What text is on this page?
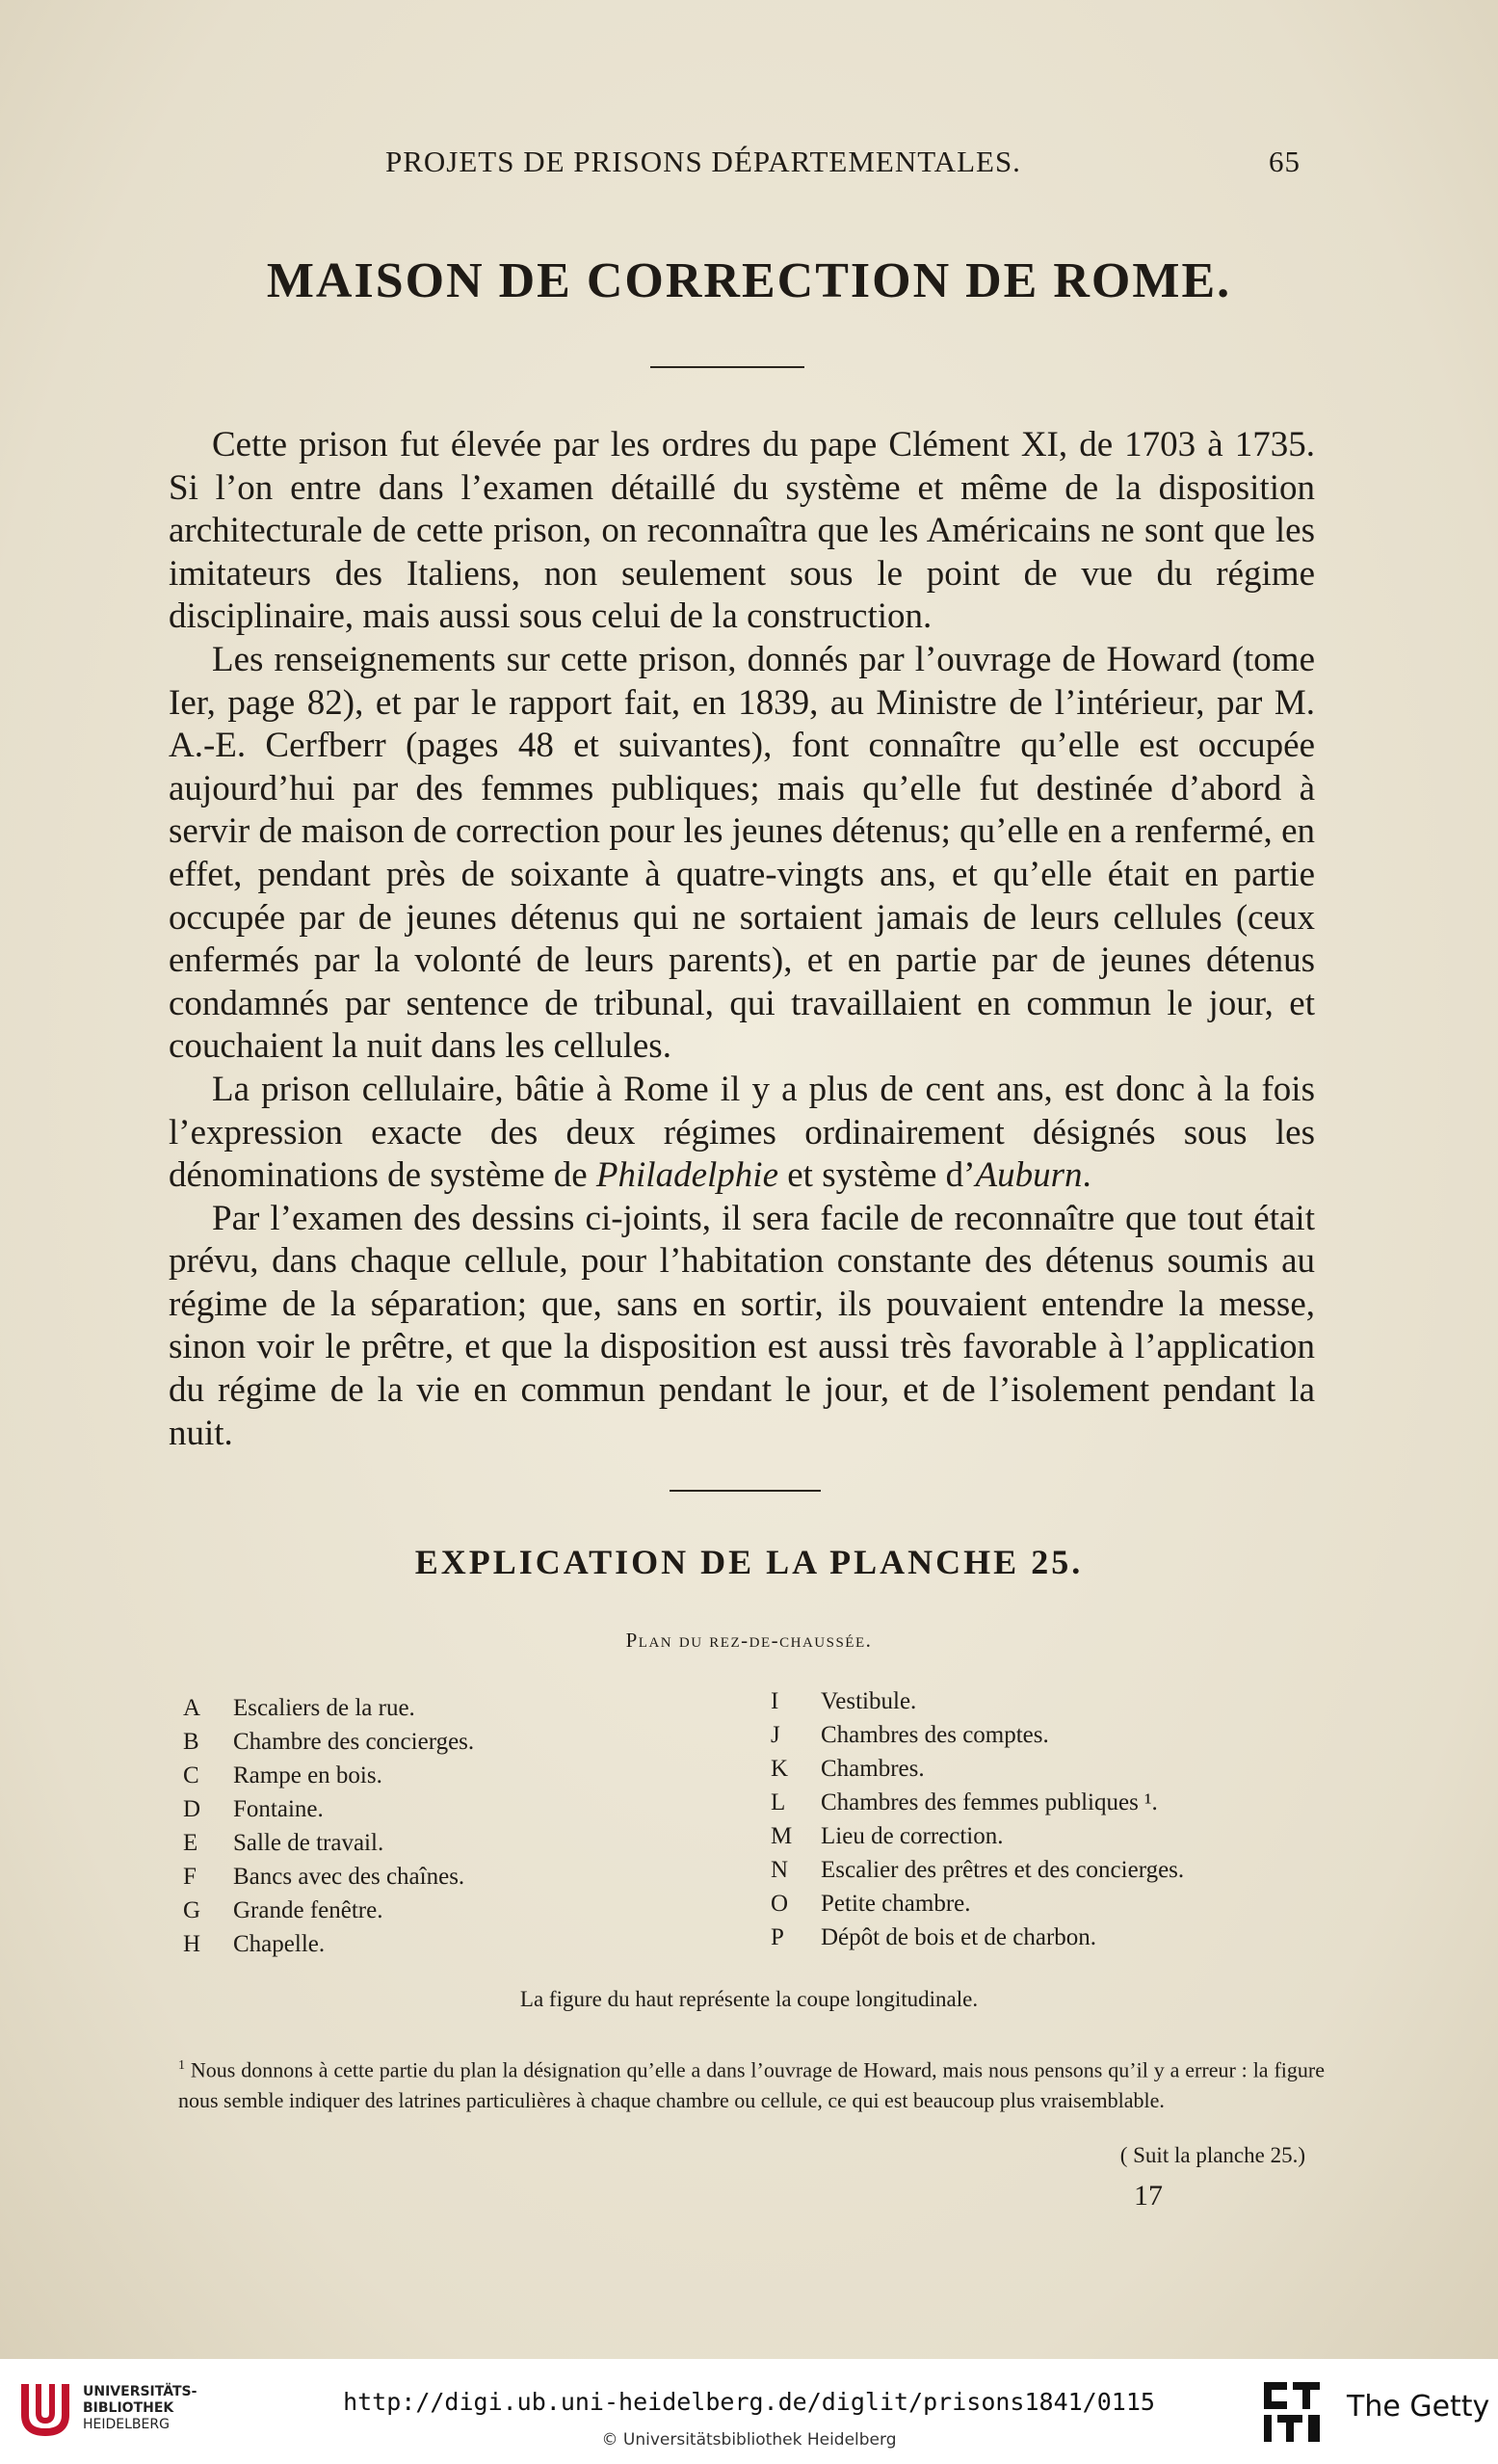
PROJETS DE PRISONS DÉPARTEMENTALES.	65
MAISON DE CORRECTION DE ROME.

Cette prison fut élevée par les ordres du pape Clément XI, de 1703 à 1735. Si l’on entre dans l’examen détaillé du système et même de la disposition architecturale de cette prison, on reconnaîtra que les Américains ne sont que les imitateurs des Italiens, non seulement sous le point de vue du régime disciplinaire, mais aussi sous celui de la construction.

Les renseignements sur cette prison, donnés par l’ouvrage de Howard (tome Ier, page 82), et par le rapport fait, en 1839, au Ministre de l’intérieur, par M. A.-E. Cerfberr (pages 48 et suivantes), font connaître qu’elle est occupée aujourd’hui par des femmes publiques; mais qu’elle fut destinée d’abord à servir de maison de correction pour les jeunes détenus; qu’elle en a renfermé, en effet, pendant près de soixante à quatre-vingts ans, et qu’elle était en partie occupée par de jeunes détenus qui ne sortaient jamais de leurs cellules (ceux enfermés par la volonté de leurs parents), et en partie par de jeunes détenus condamnés par sentence de tribunal, qui travaillaient en commun le jour, et couchaient la nuit dans les cellules.

La prison cellulaire, bâtie à Rome il y a plus de cent ans, est donc à la fois l’expression exacte des deux régimes ordinairement désignés sous les dénominations de système de Philadelphie et système d’Auburn.

Par l’examen des dessins ci-joints, il sera facile de reconnaître que tout était prévu, dans chaque cellule, pour l’habitation constante des détenus soumis au régime de la séparation; que, sans en sortir, ils pouvaient entendre la messe, sinon voir le prêtre, et que la disposition est aussi très favorable à l’application du régime de la vie en commun pendant le jour, et de l’isolement pendant la nuit.

EXPLICATION DE LA PLANCHE 25.
Plan du rez-de-chaussée.
A	Escaliers de la rue.
B	Chambre des concierges.
C	Rampe en bois.
D	Fontaine.
E	Salle de travail.
F	Bancs avec des chaînes.
G	Grande fenêtre.
H	Chapelle.
I	Vestibule.
J	Chambres des comptes.
K	Chambres.
L	Chambres des femmes publiques ¹.
M	Lieu de correction.
N	Escalier des prêtres et des concierges.
O	Petite chambre.
P	Dépôt de bois et de charbon.
La figure du haut représente la coupe longitudinale.
$^1$ Nous donnons à cette partie du plan la désignation qu’elle a dans l’ouvrage de Howard, mais nous pensons qu’il y a erreur : la figure nous semble indiquer des latrines particulières à chaque chambre ou cellule, ce qui est beaucoup plus vraisemblable.
( Suit la planche 25.)
17
UNIVERSITÄTS-
BIBLIOTHEK
HEIDELBERG
http://digi.ub.uni-heidelberg.de/diglit/prisons1841/0115
© Universitätsbibliothek Heidelberg
The Getty
